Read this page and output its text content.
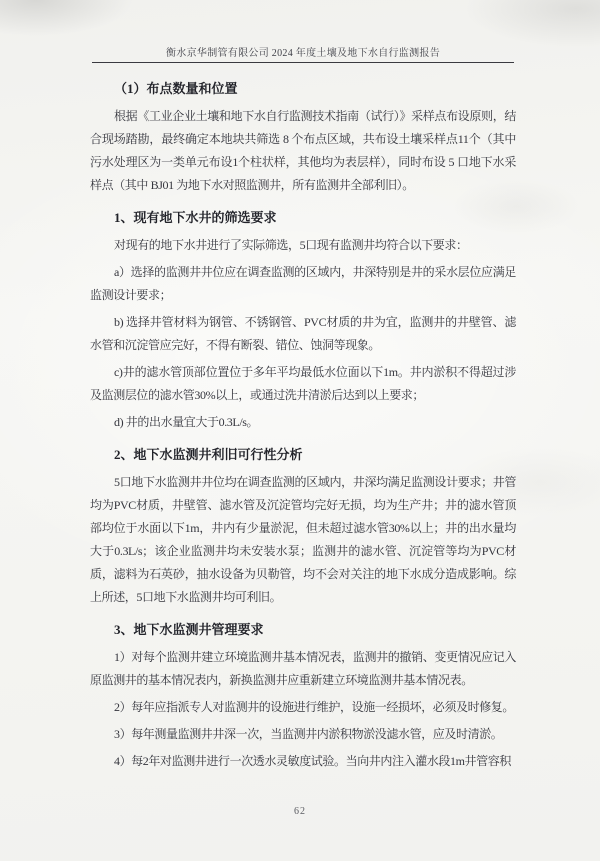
衡水京华制管有限公司 2024 年度土壤及地下水自行监测报告
（1）布点数量和位置

根据《工业企业土壤和地下水自行监测技术指南（试行）》采样点布设原则，结合现场踏勘，最终确定本地块共筛选 8 个布点区域，共布设土壤采样点11个（其中污水处理区为一类单元布设1个柱状样，其他均为表层样），同时布设 5 口地下水采样点（其中 BJ01 为地下水对照监测井，所有监测井全部利旧）。

1、现有地下水井的筛选要求

对现有的地下水井进行了实际筛选，5口现有监测井均符合以下要求：

a）选择的监测井井位应在调查监测的区域内，井深特别是井的采水层位应满足监测设计要求；

b) 选择井管材料为钢管、不锈钢管、PVC材质的井为宜，监测井的井壁管、滤水管和沉淀管应完好，不得有断裂、错位、蚀洞等现象。

c)井的滤水管顶部位置位于多年平均最低水位面以下1m。井内淤积不得超过涉及监测层位的滤水管30%以上，或通过洗井清淤后达到以上要求；

d) 井的出水量宜大于0.3L/s。

2、地下水监测井利旧可行性分析

5口地下水监测井井位均在调查监测的区域内，井深均满足监测设计要求；井管均为PVC材质，井壁管、滤水管及沉淀管均完好无损，均为生产井；井的滤水管顶部均位于水面以下1m，井内有少量淤泥，但未超过滤水管30%以上；井的出水量均大于0.3L/s；该企业监测井均未安装水泵；监测井的滤水管、沉淀管等均为PVC材质，滤料为石英砂，抽水设备为贝勒管，均不会对关注的地下水成分造成影响。综上所述，5口地下水监测井均可利旧。

3、地下水监测井管理要求

1）对每个监测井建立环境监测井基本情况表，监测井的撤销、变更情况应记入原监测井的基本情况表内，新换监测井应重新建立环境监测井基本情况表。

2）每年应指派专人对监测井的设施进行维护，设施一经损坏，必须及时修复。

3）每年测量监测井井深一次，当监测井内淤积物淤没滤水管，应及时清淤。

4）每2年对监测井进行一次透水灵敏度试验。当向井内注入灌水段1m井管容积

62
